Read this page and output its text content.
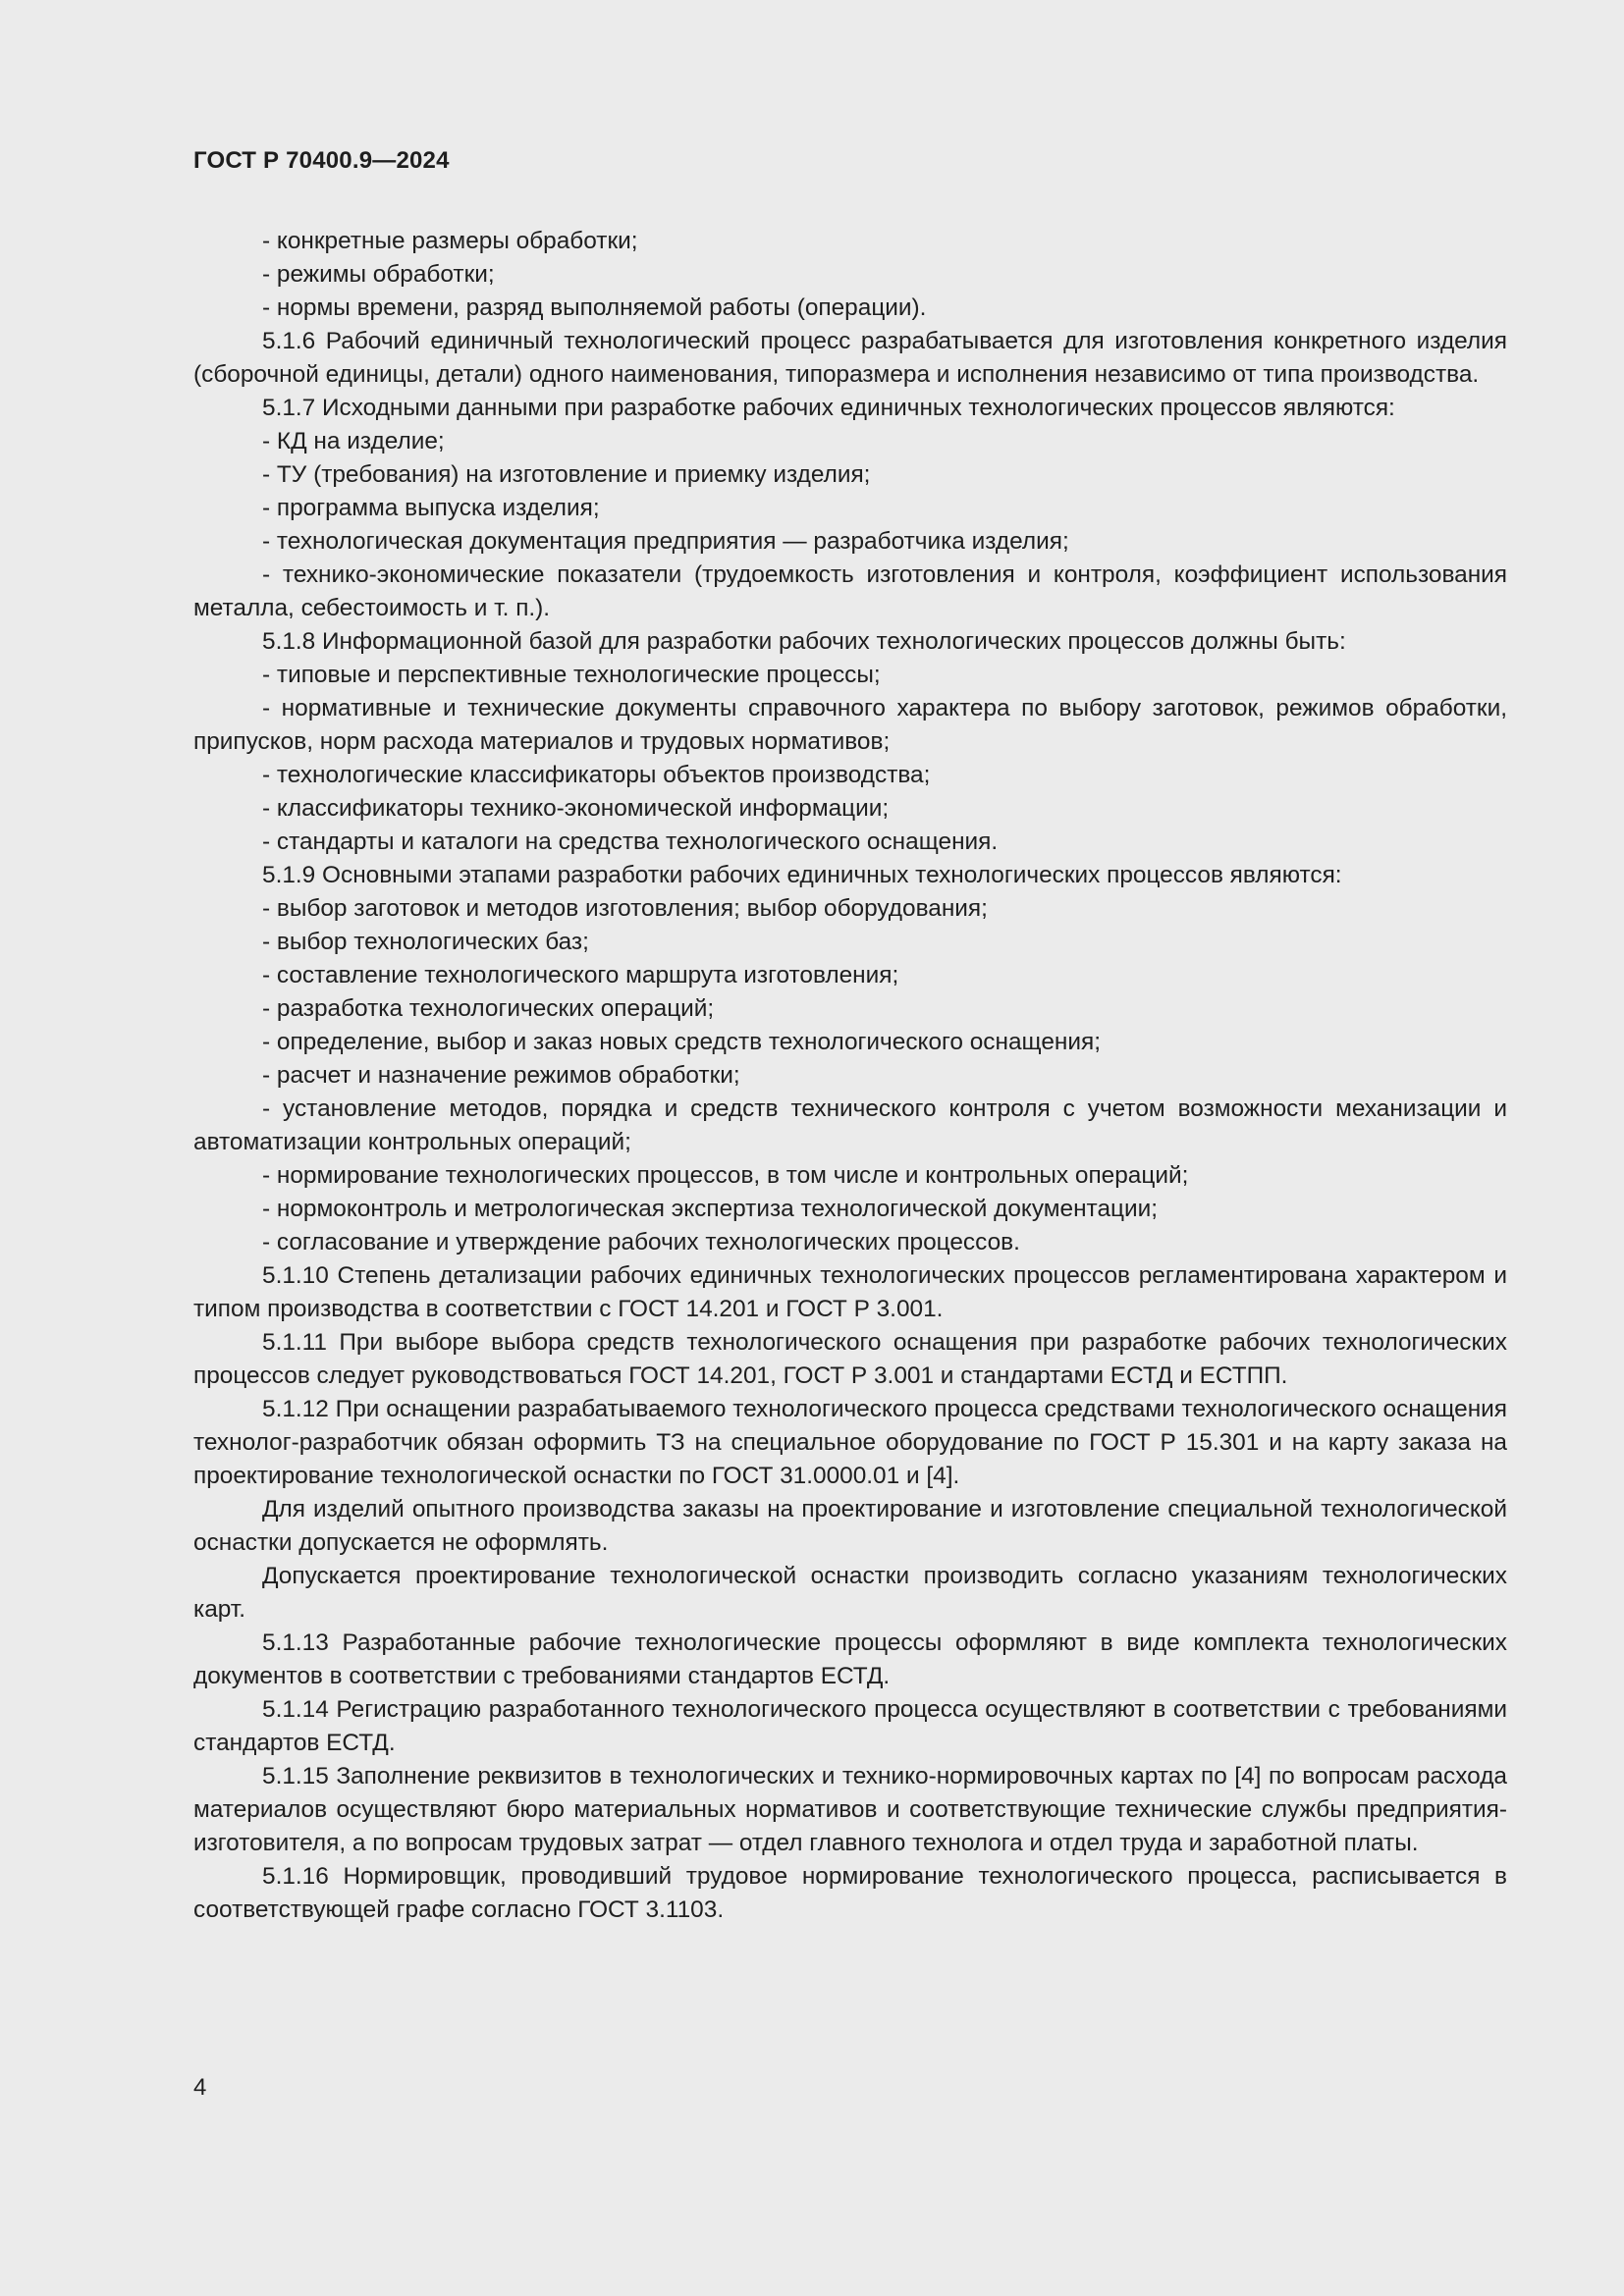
ГОСТ Р 70400.9—2024

- конкретные размеры обработки;

- режимы обработки;

- нормы времени, разряд выполняемой работы (операции).

5.1.6 Рабочий единичный технологический процесс разрабатывается для изготовления конкретного изделия (сборочной единицы, детали) одного наименования, типоразмера и исполнения независимо от типа производства.

5.1.7 Исходными данными при разработке рабочих единичных технологических процессов являются:

- КД на изделие;

- ТУ (требования) на изготовление и приемку изделия;

- программа выпуска изделия;

- технологическая документация предприятия — разработчика изделия;

- технико-экономические показатели (трудоемкость изготовления и контроля, коэффициент использования металла, себестоимость и т. п.).

5.1.8 Информационной базой для разработки рабочих технологических процессов должны быть:

- типовые и перспективные технологические процессы;

- нормативные и технические документы справочного характера по выбору заготовок, режимов обработки, припусков, норм расхода материалов и трудовых нормативов;

- технологические классификаторы объектов производства;

- классификаторы технико-экономической информации;

- стандарты и каталоги на средства технологического оснащения.

5.1.9 Основными этапами разработки рабочих единичных технологических процессов являются:

- выбор заготовок и методов изготовления; выбор оборудования;

- выбор технологических баз;

- составление технологического маршрута изготовления;

- разработка технологических операций;

- определение, выбор и заказ новых средств технологического оснащения;

- расчет и назначение режимов обработки;

- установление методов, порядка и средств технического контроля с учетом возможности механизации и автоматизации контрольных операций;

- нормирование технологических процессов, в том числе и контрольных операций;

- нормоконтроль и метрологическая экспертиза технологической документации;

- согласование и утверждение рабочих технологических процессов.

5.1.10 Степень детализации рабочих единичных технологических процессов регламентирована характером и типом производства в соответствии с ГОСТ 14.201 и ГОСТ Р 3.001.

5.1.11 При выборе выбора средств технологического оснащения при разработке рабочих технологических процессов следует руководствоваться ГОСТ 14.201, ГОСТ Р 3.001 и стандартами ЕСТД и ЕСТПП.

5.1.12 При оснащении разрабатываемого технологического процесса средствами технологического оснащения технолог-разработчик обязан оформить ТЗ на специальное оборудование по ГОСТ Р 15.301 и на карту заказа на проектирование технологической оснастки по ГОСТ 31.0000.01 и [4].

Для изделий опытного производства заказы на проектирование и изготовление специальной технологической оснастки допускается не оформлять.

Допускается проектирование технологической оснастки производить согласно указаниям технологических карт.

5.1.13 Разработанные рабочие технологические процессы оформляют в виде комплекта технологических документов в соответствии с требованиями стандартов ЕСТД.

5.1.14 Регистрацию разработанного технологического процесса осуществляют в соответствии с требованиями стандартов ЕСТД.

5.1.15 Заполнение реквизитов в технологических и технико-нормировочных картах по [4] по вопросам расхода материалов осуществляют бюро материальных нормативов и соответствующие технические службы предприятия-изготовителя, а по вопросам трудовых затрат — отдел главного технолога и отдел труда и заработной платы.

5.1.16 Нормировщик, проводивший трудовое нормирование технологического процесса, расписывается в соответствующей графе согласно ГОСТ 3.1103.

4
